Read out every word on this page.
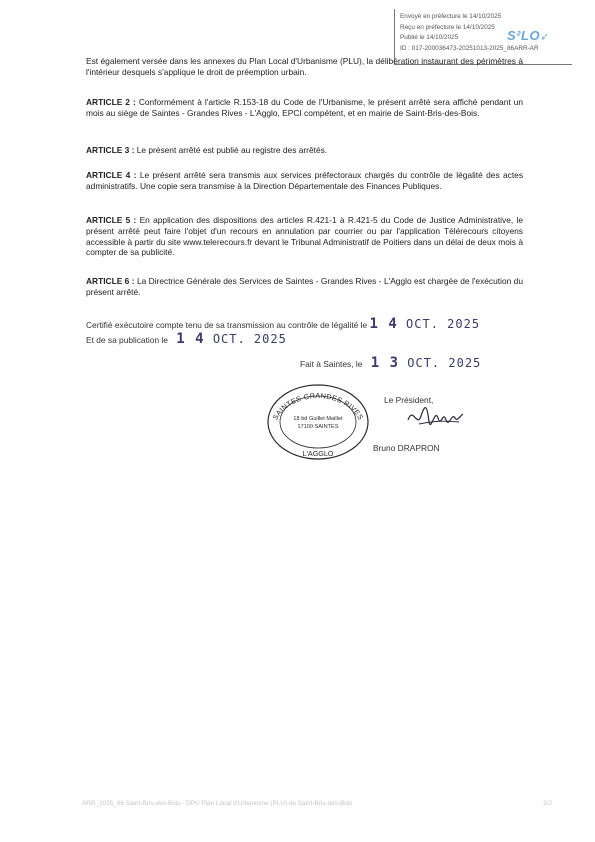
Envoyé en préfecture le 14/10/2025
Reçu en préfecture le 14/10/2025
Publié le 14/10/2025
ID : 017-200036473-20251013-2025_86ARR-AR
S²LO➶

Est également versée dans les annexes du Plan Local d'Urbanisme (PLU), la délibération instaurant des périmètres à l'intérieur desquels s'applique le droit de préemption urbain.

ARTICLE 2 : Conformément à l'article R.153-18 du Code de l'Urbanisme, le présent arrêté sera affiché pendant un mois au siège de Saintes - Grandes Rives - L'Agglo, EPCI compétent, et en mairie de Saint-Bris-des-Bois.

ARTICLE 3 : Le présent arrêté est publié au registre des arrêtés.

ARTICLE 4 : Le présent arrêté sera transmis aux services préfectoraux chargés du contrôle de légalité des actes administratifs. Une copie sera transmise à la Direction Départementale des Finances Publiques.

ARTICLE 5 : En application des dispositions des articles R.421-1 à R.421-5 du Code de Justice Administrative, le présent arrêté peut faire l'objet d'un recours en annulation par courrier ou par l'application Télérecours citoyens accessible à partir du site www.telerecours.fr devant le Tribunal Administratif de Poitiers dans un délai de deux mois à compter de sa publicité.

ARTICLE 6 : La Directrice Générale des Services de Saintes - Grandes Rives - L'Agglo est chargée de l'exécution du présent arrêté.

Certifié exécutoire compte tenu de sa transmission au contrôle de légalité le 1 4 OCT. 2025
Et de sa publication le 1 4 OCT. 2025
Fait à Saintes, le 1 3 OCT. 2025
SAINTES GRANDES RIVES
18 bd Guillet Maillet
17100 SAINTES
L'AGGLO
Le Président,
Bruno DRAPRON
ARR_2025_86 Saint-Bris-des-Bois - DPU Plan Local d'Urbanisme (PLU) de Saint-Bris-des-Bois	2/2
